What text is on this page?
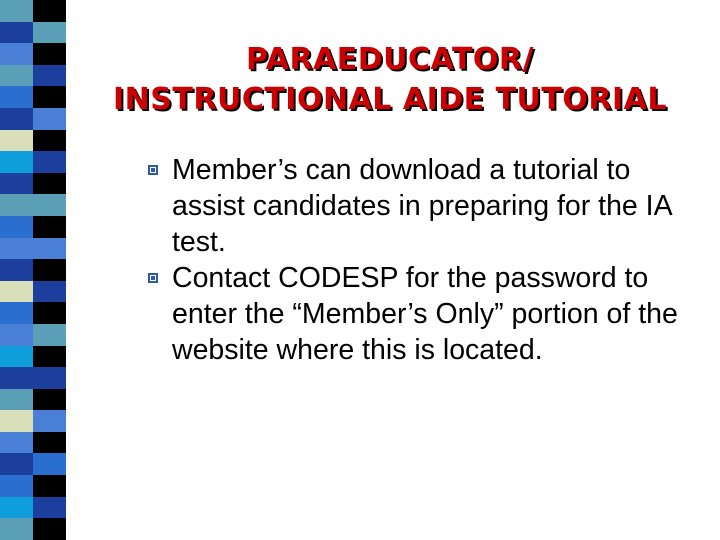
PARAEDUCATOR/
INSTRUCTIONAL AIDE TUTORIAL
Member’s can download a tutorial to assist candidates in preparing for the IA test.
Contact CODESP for the password to enter the “Member’s Only” portion of the website where this is located.
